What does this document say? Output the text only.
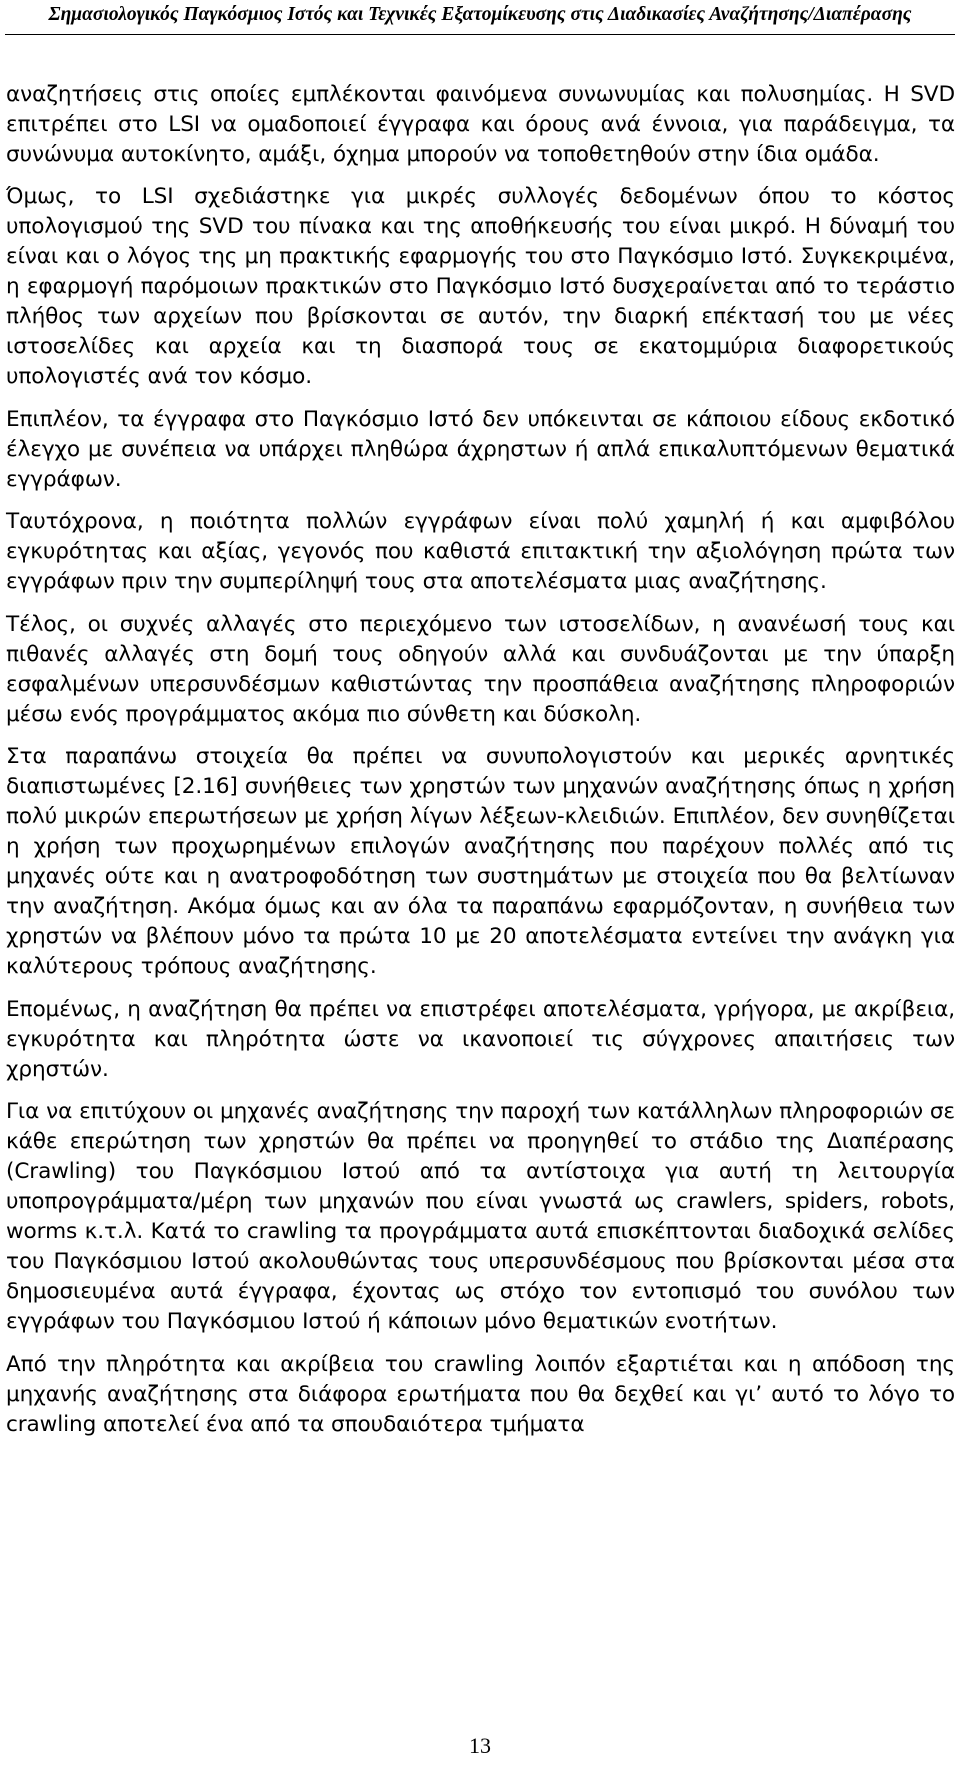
Σημασιολογικός Παγκόσμιος Ιστός και Τεχνικές Εξατομίκευσης στις Διαδικασίες Αναζήτησης/Διαπέρασης

αναζητήσεις στις οποίες εμπλέκονται φαινόμενα συνωνυμίας και πολυσημίας. Η SVD επιτρέπει στο LSI να ομαδοποιεί έγγραφα και όρους ανά έννοια, για παράδειγμα, τα συνώνυμα αυτοκίνητο, αμάξι, όχημα μπορούν να τοποθετηθούν στην ίδια ομάδα.

Όμως, το LSI σχεδιάστηκε για μικρές συλλογές δεδομένων όπου το κόστος υπολογισμού της SVD του πίνακα και της αποθήκευσής του είναι μικρό. Η δύναμή του είναι και ο λόγος της μη πρακτικής εφαρμογής του στο Παγκόσμιο Ιστό. Συγκεκριμένα, η εφαρμογή παρόμοιων πρακτικών στο Παγκόσμιο Ιστό δυσχεραίνεται από το τεράστιο πλήθος των αρχείων που βρίσκονται σε αυτόν, την διαρκή επέκτασή του με νέες ιστοσελίδες και αρχεία και τη διασπορά τους σε εκατομμύρια διαφορετικούς υπολογιστές ανά τον κόσμο.

Επιπλέον, τα έγγραφα στο Παγκόσμιο Ιστό δεν υπόκεινται σε κάποιου είδους εκδοτικό έλεγχο με συνέπεια να υπάρχει πληθώρα άχρηστων ή απλά επικαλυπτόμενων θεματικά εγγράφων.

Ταυτόχρονα, η ποιότητα πολλών εγγράφων είναι πολύ χαμηλή ή και αμφιβόλου εγκυρότητας και αξίας, γεγονός που καθιστά επιτακτική την αξιολόγηση πρώτα των εγγράφων πριν την συμπερίληψή τους στα αποτελέσματα μιας αναζήτησης.

Τέλος, οι συχνές αλλαγές στο περιεχόμενο των ιστοσελίδων, η ανανέωσή τους και πιθανές αλλαγές στη δομή τους οδηγούν αλλά και συνδυάζονται με την ύπαρξη εσφαλμένων υπερσυνδέσμων καθιστώντας την προσπάθεια αναζήτησης πληροφοριών μέσω ενός προγράμματος ακόμα πιο σύνθετη και δύσκολη.

Στα παραπάνω στοιχεία θα πρέπει να συνυπολογιστούν και μερικές αρνητικές διαπιστωμένες [2.16] συνήθειες των χρηστών των μηχανών αναζήτησης όπως η χρήση πολύ μικρών επερωτήσεων με χρήση λίγων λέξεων-κλειδιών. Επιπλέον, δεν συνηθίζεται η χρήση των προχωρημένων επιλογών αναζήτησης που παρέχουν πολλές από τις μηχανές ούτε και η ανατροφοδότηση των συστημάτων με στοιχεία που θα βελτίωναν την αναζήτηση. Ακόμα όμως και αν όλα τα παραπάνω εφαρμόζονταν, η συνήθεια των χρηστών να βλέπουν μόνο τα πρώτα 10 με 20 αποτελέσματα εντείνει την ανάγκη για καλύτερους τρόπους αναζήτησης.

Επομένως, η αναζήτηση θα πρέπει να επιστρέφει αποτελέσματα, γρήγορα, με ακρίβεια, εγκυρότητα και πληρότητα ώστε να ικανοποιεί τις σύγχρονες απαιτήσεις των χρηστών.

Για να επιτύχουν οι μηχανές αναζήτησης την παροχή των κατάλληλων πληροφοριών σε κάθε επερώτηση των χρηστών θα πρέπει να προηγηθεί το στάδιο της Διαπέρασης (Crawling) του Παγκόσμιου Ιστού από τα αντίστοιχα για αυτή τη λειτουργία υποπρογράμματα/μέρη των μηχανών που είναι γνωστά ως crawlers, spiders, robots, worms κ.τ.λ. Κατά το crawling τα προγράμματα αυτά επισκέπτονται διαδοχικά σελίδες του Παγκόσμιου Ιστού ακολουθώντας τους υπερσυνδέσμους που βρίσκονται μέσα στα δημοσιευμένα αυτά έγγραφα, έχοντας ως στόχο τον εντοπισμό του συνόλου των εγγράφων του Παγκόσμιου Ιστού ή κάποιων μόνο θεματικών ενοτήτων.

Από την πληρότητα και ακρίβεια του crawling λοιπόν εξαρτιέται και η απόδοση της μηχανής αναζήτησης στα διάφορα ερωτήματα που θα δεχθεί και γι’ αυτό το λόγο το crawling αποτελεί ένα από τα σπουδαιότερα τμήματα

13
